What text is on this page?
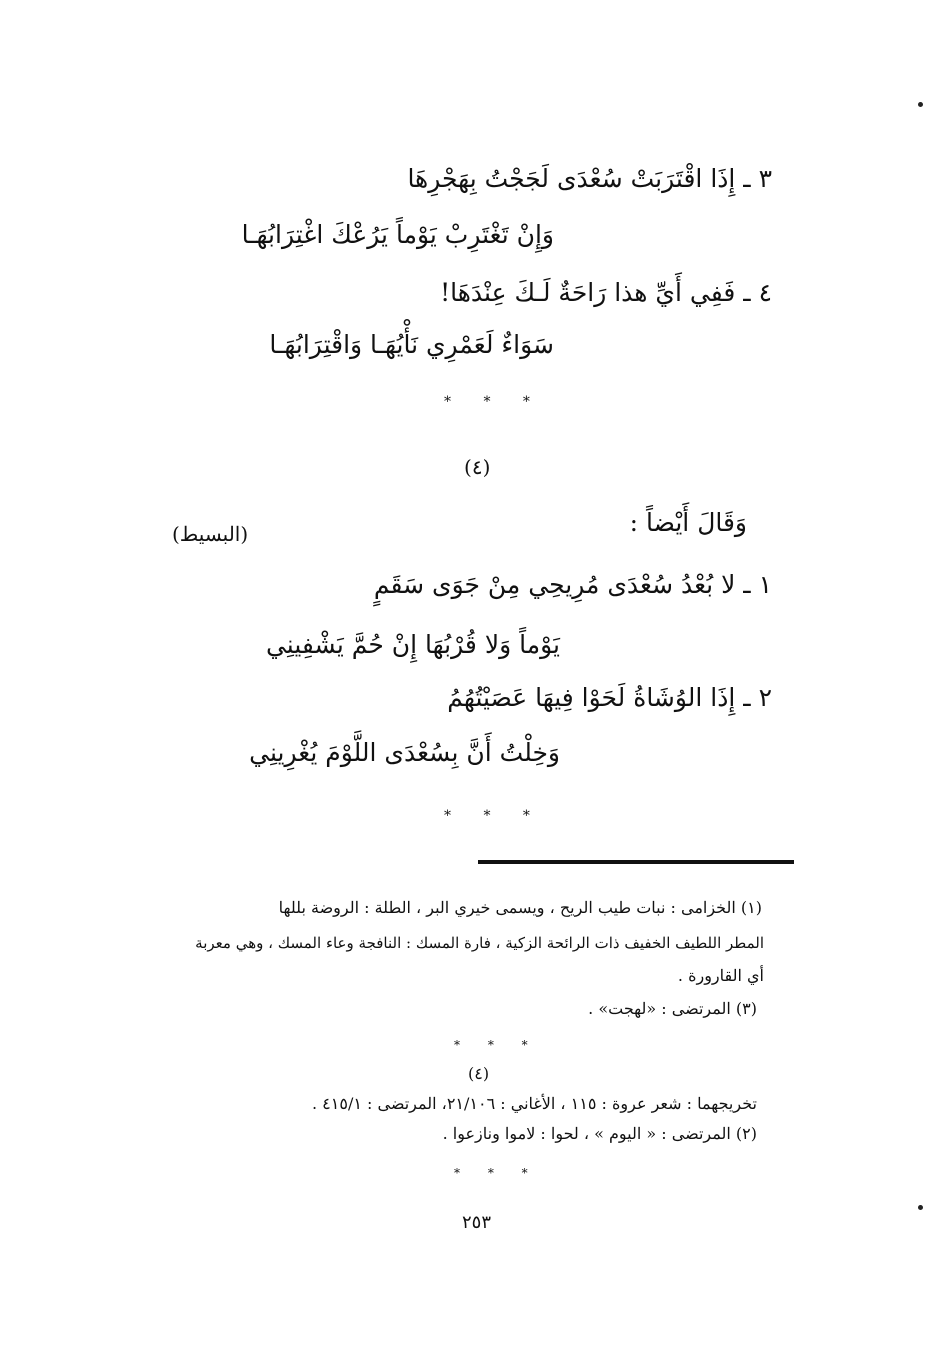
٣ ـ إِذَا اقْتَرَبَتْ سُعْدَى لَجَجْتُ بِهَجْرِهَا
وَإِنْ تَغْتَرِبْ يَوْماً يَرُعْكَ اغْتِرَابُهَـا
٤ ـ فَفِي أَيِّ هذا رَاحَةٌ لَـكَ عِنْدَهَا!
سَوَاءٌ لَعَمْرِي نَأْيُهَـا وَاقْتِرَابُهَـا
* * *
(٤)
وَقَالَ أَيْضاً :
(البسيط)
١ ـ لا بُعْدُ سُعْدَى مُرِيحِي مِنْ جَوَى سَقَمٍ
يَوْماً وَلا قُرْبُهَا إِنْ حُمَّ يَشْفِينِي
٢ ـ إِذَا الوُشَاةُ لَحَوْا فِيهَا عَصَيْتُهُمُ
وَخِلْتُ أَنَّ بِسُعْدَى اللَّوْمَ يُغْرِينِي
* * *
(١) الخزامى : نبات طيب الريح ، ويسمى خيري البر ، الطلة : الروضة بللها
المطر اللطيف الخفيف ذات الرائحة الزكية ، فارة المسك : النافجة وعاء المسك ، وهي معربة
أي القارورة .
(٣) المرتضى : «لهجت» .
* * *
(٤)
تخريجهما : شعر عروة : ١١٥ ، الأغاني : ٢١/١٠٦، المرتضى : ٤١٥/١ .
(٢) المرتضى : « اليوم » ، لحوا : لاموا ونازعوا .
* * *
٢٥٣
